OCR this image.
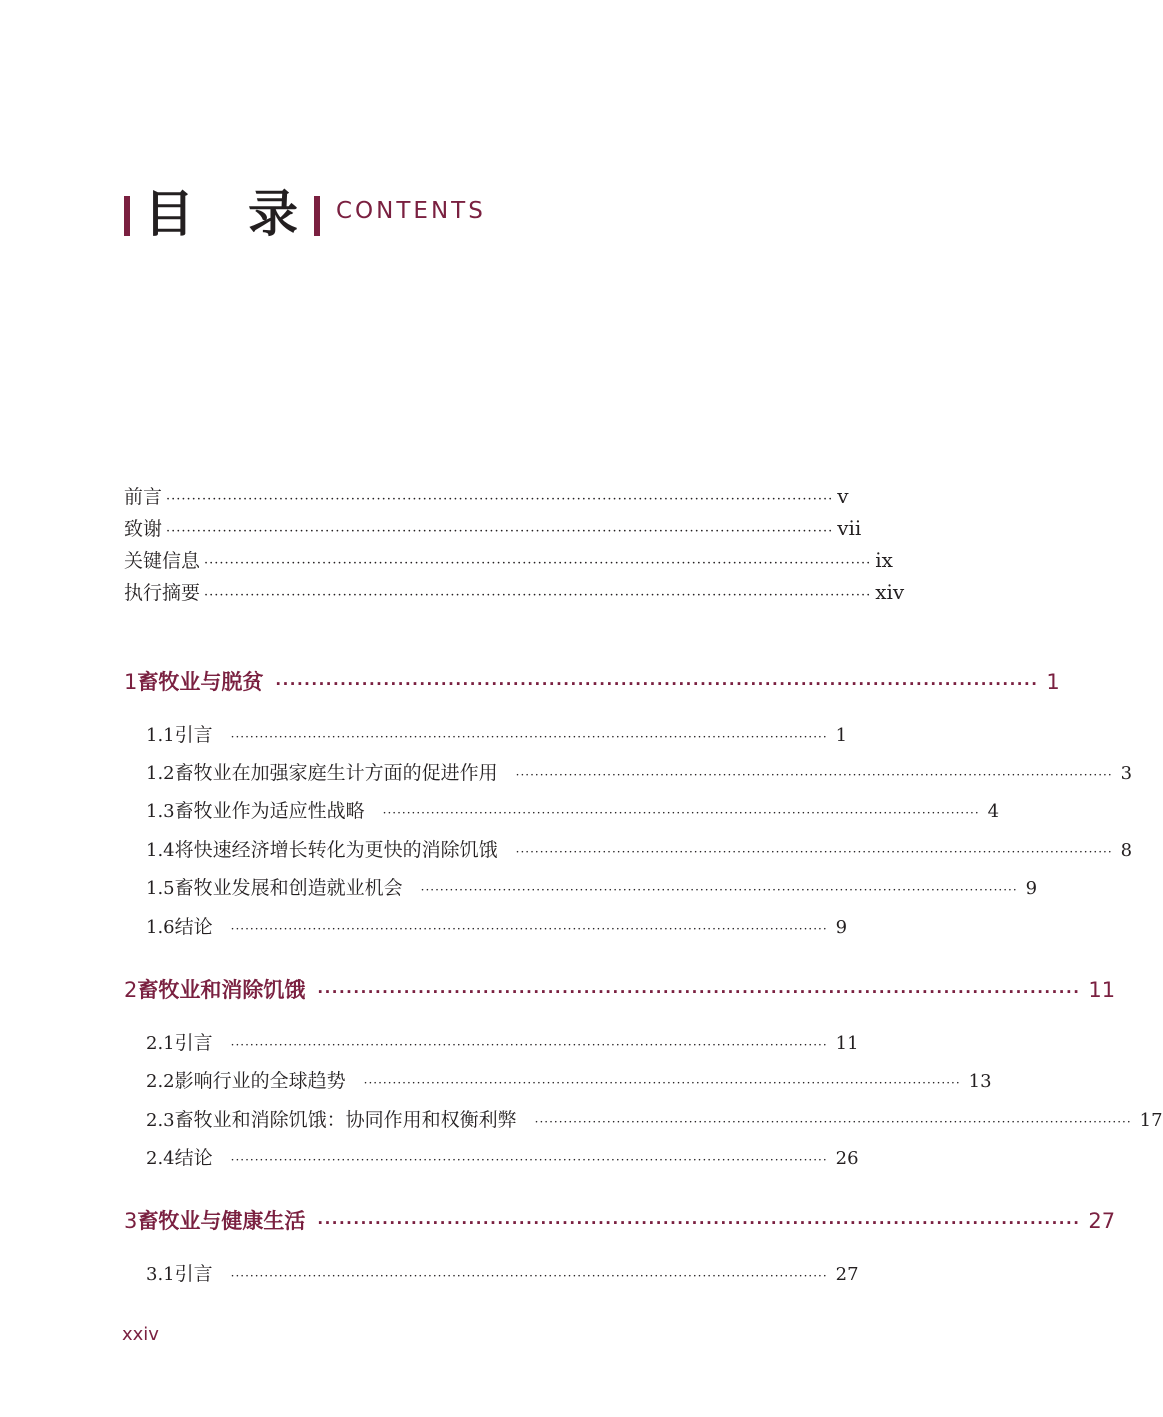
目 录 CONTENTS
前言 ·································································································································· v
致谢 ·································································································································· vii
关键信息 ·································································································································· ix
执行摘要 ·································································································································· xiv
1 畜牧业与脱贫 ·········································································································· 1
1.1 引言 ···························································································································· 1
1.2 畜牧业在加强家庭生计方面的促进作用 ···························································································································· 3
1.3 畜牧业作为适应性战略 ···························································································································· 4
1.4 将快速经济增长转化为更快的消除饥饿 ···························································································································· 8
1.5 畜牧业发展和创造就业机会 ···························································································································· 9
1.6 结论 ···························································································································· 9
2 畜牧业和消除饥饿 ·········································································································· 11
2.1 引言 ···························································································································· 11
2.2 影响行业的全球趋势 ···························································································································· 13
2.3 畜牧业和消除饥饿：协同作用和权衡利弊 ···························································································································· 17
2.4 结论 ···························································································································· 26
3 畜牧业与健康生活 ·········································································································· 27
3.1 引言 ···························································································································· 27
xxiv
